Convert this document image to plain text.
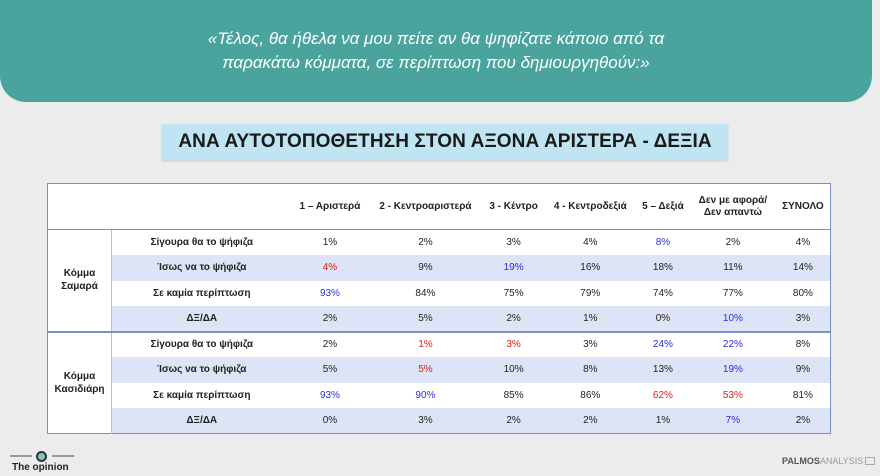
«Τέλος, θα ήθελα να μου πείτε αν θα ψηφίζατε κάποιο από τα
παρακάτω κόμματα, σε περίπτωση που δημιουργηθούν:»
ΑΝΑ ΑΥΤΟΤΟΠΟΘΕΤΗΣΗ ΣΤΟΝ ΑΞΟΝΑ ΑΡΙΣΤΕΡΑ - ΔΕΞΙΑ
		1 – Αριστερά	2 - Κεντροαριστερά	3 - Κέντρο	4 - Κεντροδεξιά	5 – Δεξιά	Δεν με αφορά/
Δεν απαντώ	ΣΥΝΟΛΟ

Κόμμα
Σαμαρά	Σίγουρα θα το ψήφιζα	1%	2%	3%	4%	8%	2%	4%
	Ίσως να το ψήφιζα	4%	9%	19%	16%	18%	11%	14%
	Σε καμία περίπτωση	93%	84%	75%	79%	74%	77%	80%
	ΔΞ/ΔΑ	2%	5%	2%	1%	0%	10%	3%

Κόμμα
Κασιδιάρη	Σίγουρα θα το ψήφιζα	2%	1%	3%	3%	24%	22%	8%
	Ίσως να το ψήφιζα	5%	5%	10%	8%	13%	19%	9%
	Σε καμία περίπτωση	93%	90%	85%	86%	62%	53%	81%
	ΔΞ/ΔΑ	0%	3%	2%	2%	1%	7%	2%
The opinion
PALMOS ANALYSIS
